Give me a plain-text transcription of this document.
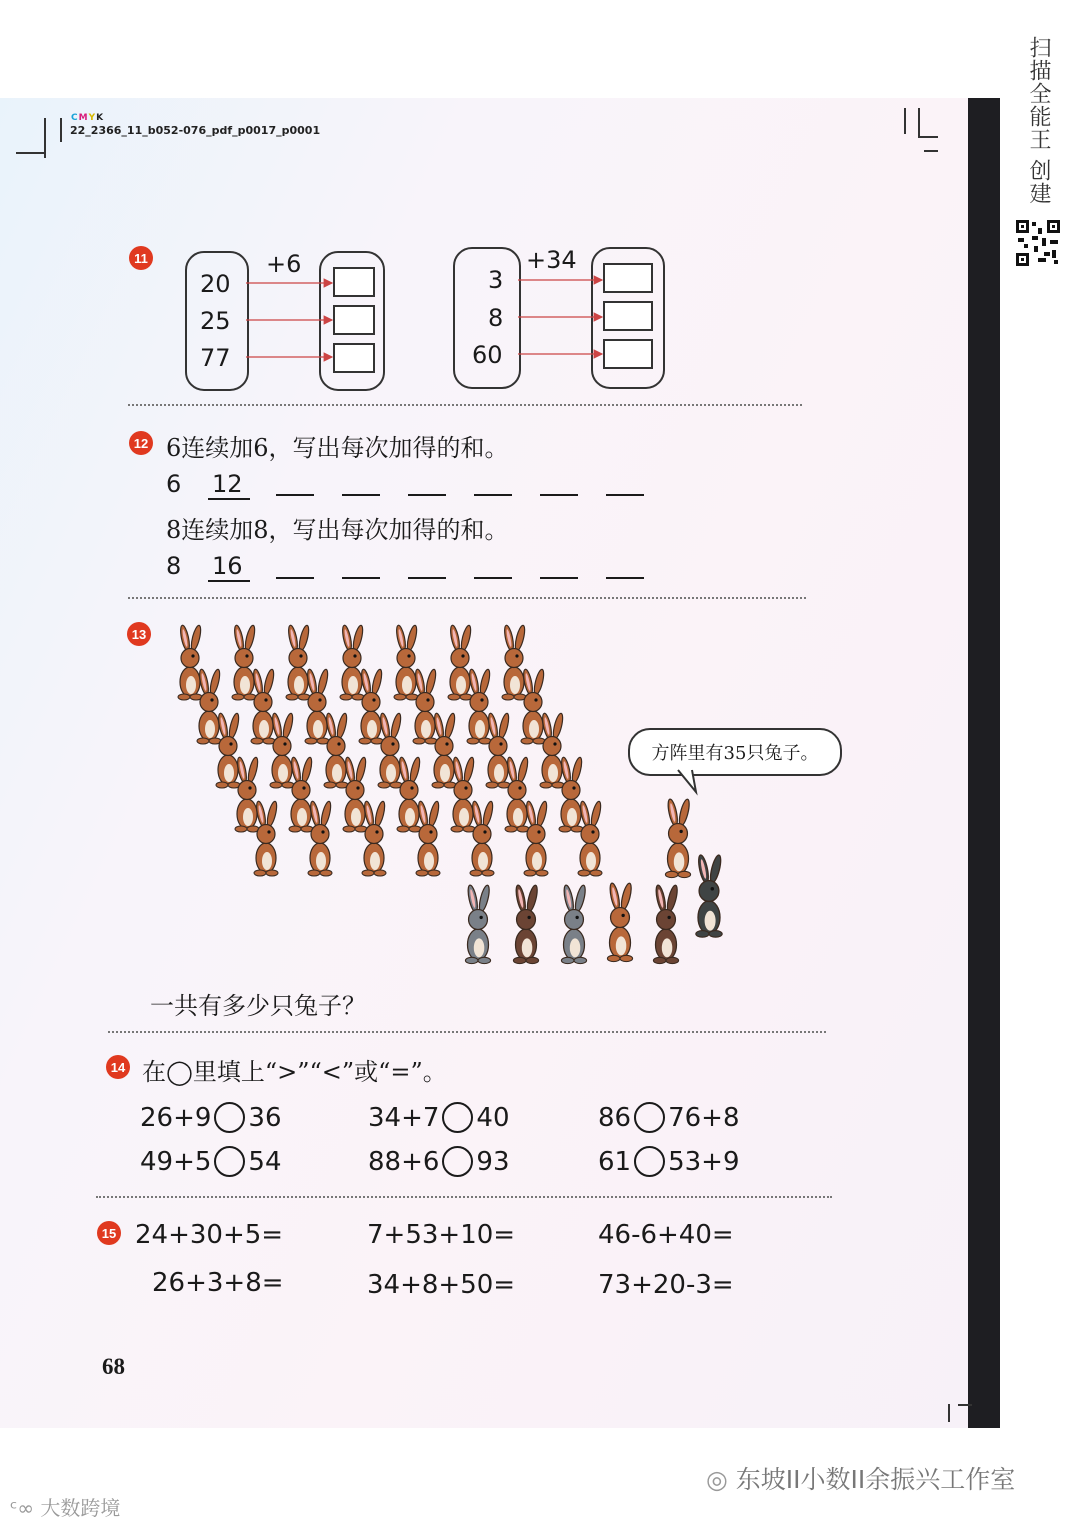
扫描全能王 创建
CMYK
22_2366_11_b052-076_pdf_p0017_p0001
11	+6
20
25
77
+34
3
8
60
12 6连续加6，写出每次加得的和。
6 12
8连续加8，写出每次加得的和。
8 16
13
方阵里有35只兔子。
一共有多少只兔子？
14 在◯里填上“>”“<”或“=”。
26+9 36	34+7 40	86 76+8
49+5 54	88+6 93	61 53+9
15 24+30+5=	7+53+10=	46-6+40=
26+3+8=	34+8+50=	73+20-3=
68
◎ 东坡II小数II余振兴工作室
ᶜ∞ 大数跨境
